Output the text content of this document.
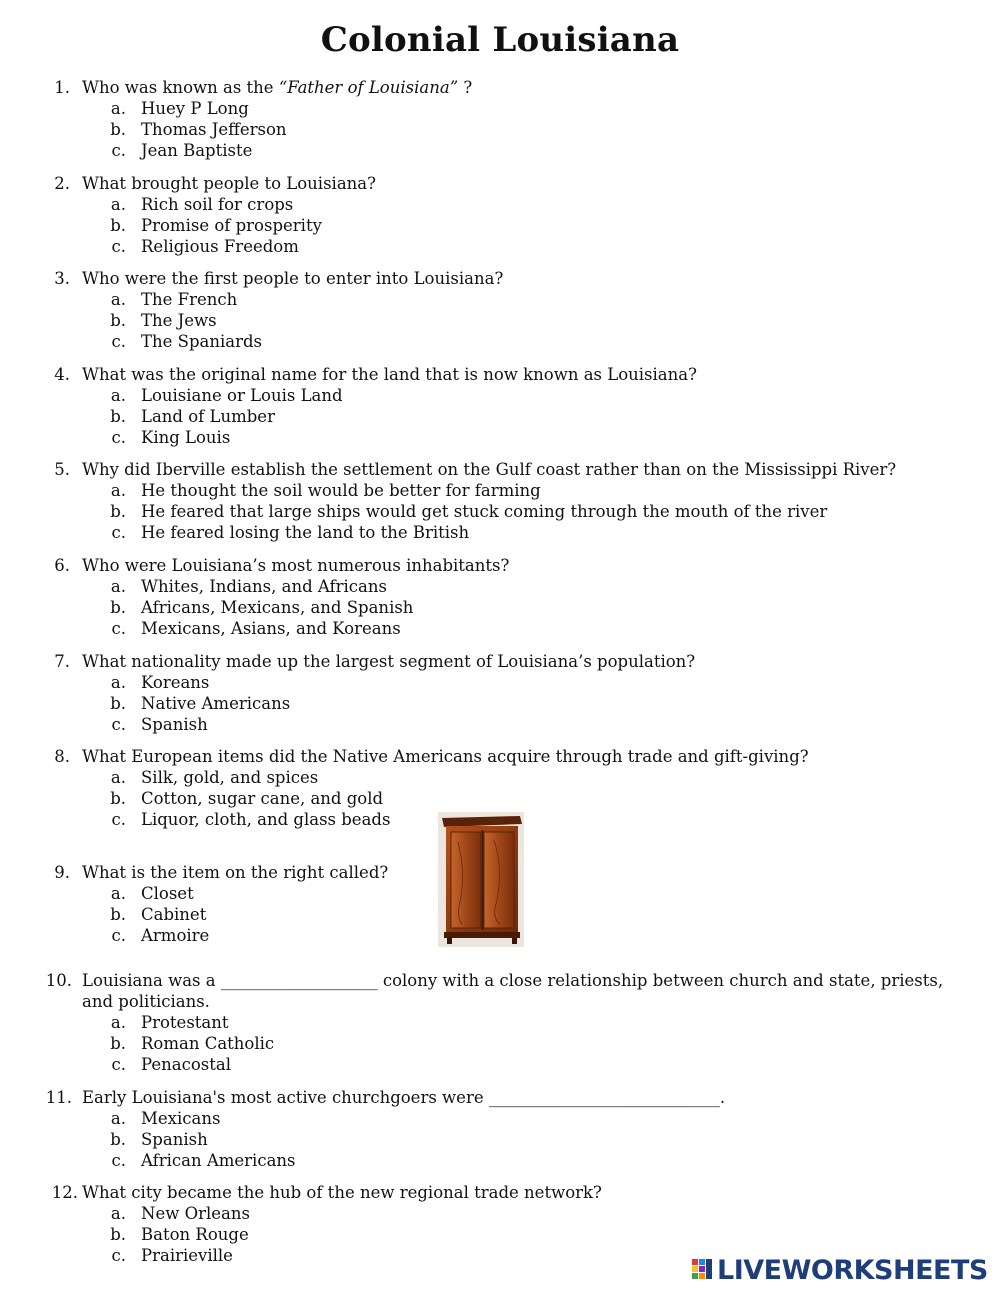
Colonial Louisiana
1. Who was known as the “Father of Louisiana” ?
a. Huey P Long
b. Thomas Jefferson
c. Jean Baptiste
2. What brought people to Louisiana?
a. Rich soil for crops
b. Promise of prosperity
c. Religious Freedom
3. Who were the first people to enter into Louisiana?
a. The French
b. The Jews
c. The Spaniards
4. What was the original name for the land that is now known as Louisiana?
a. Louisiane or Louis Land
b. Land of Lumber
c. King Louis
5. Why did Iberville establish the settlement on the Gulf coast rather than on the Mississippi River?
a. He thought the soil would be better for farming
b. He feared that large ships would get stuck coming through the mouth of the river
c. He feared losing the land to the British
6. Who were Louisiana’s most numerous inhabitants?
a. Whites, Indians, and Africans
b. Africans, Mexicans, and Spanish
c. Mexicans, Asians, and Koreans
7. What nationality made up the largest segment of Louisiana’s population?
a. Koreans
b. Native Americans
c. Spanish
8. What European items did the Native Americans acquire through trade and gift-giving?
a. Silk, gold, and spices
b. Cotton, sugar cane, and gold
c. Liquor, cloth, and glass beads
9. What is the item on the right called?
a. Closet
b. Cabinet
c. Armoire
10. Louisiana was a ___________________ colony with a close relationship between church and state, priests, and politicians.
a. Protestant
b. Roman Catholic
c. Penacostal
11. Early Louisiana's most active churchgoers were ____________________________.
a. Mexicans
b. Spanish
c. African Americans
12. What city became the hub of the new regional trade network?
a. New Orleans
b. Baton Rouge
c. Prairieville	LIVEWORKSHEETS
